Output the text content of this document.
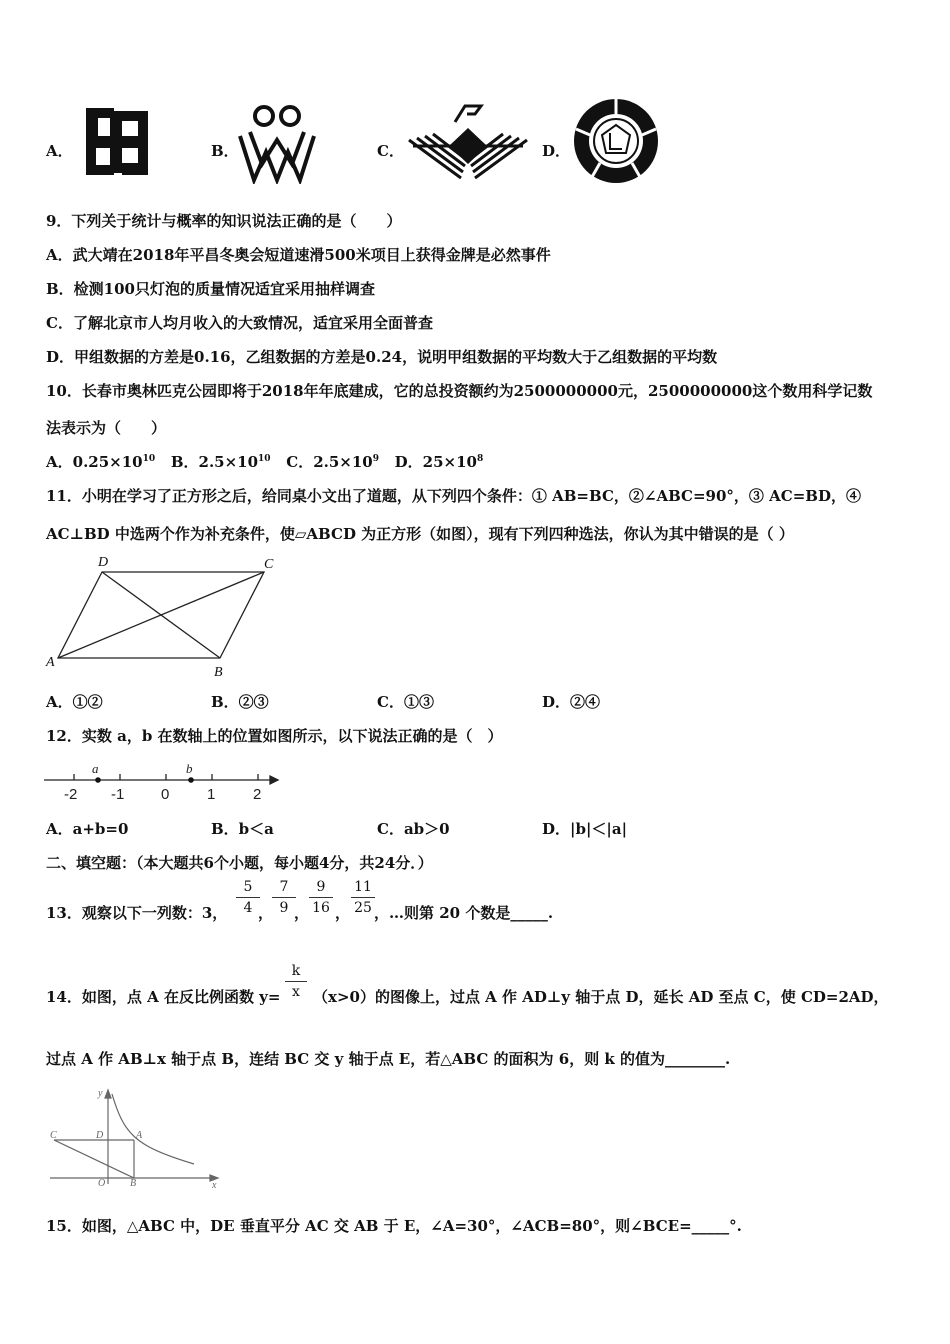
A．	B．	C．	D．
9．下列关于统计与概率的知识说法正确的是（　　）
A．武大靖在2018年平昌冬奥会短道速滑500米项目上获得金牌是必然事件
B．检测100只灯泡的质量情况适宜采用抽样调查
C．了解北京市人均月收入的大致情况，适宜采用全面普查
D．甲组数据的方差是0.16，乙组数据的方差是0.24，说明甲组数据的平均数大于乙组数据的平均数
10．长春市奥林匹克公园即将于2018年年底建成，它的总投资额约为2500000000元，2500000000这个数用科学记数
法表示为（　　）
A．$0.25\times 10^{10}$ B．$2.5\times 10^{10}$ C．$2.5\times 10^9$ D．$25\times 10^8$
11．小明在学习了正方形之后，给同桌小文出了道题，从下列四个条件：① AB=BC，②∠ABC=90°，③ AC=BD，④
AC⊥BD 中选两个作为补充条件，使▱ABCD 为正方形（如图），现有下列四种选法，你认为其中错误的是（ ）
A
B
C
D
A．①②	B．②③	C．①③	D．②④
12．实数 a，b 在数轴上的位置如图所示，以下说法正确的是（　）
a	b
-2 -1 0	1	2
A．a+b=0	B．b＜a	C．ab＞0	D．|b|＜|a|
二、填空题：（本大题共6个小题，每小题4分，共24分．）
13．观察以下一列数：3， $\frac{5}{4}$
，
$\frac{7}{9}$
， $\frac{9}{16}$ ， $\frac{11}{25}$ ，…则第 20 个数是_____.
14．如图，点 A 在反比例函数 $y= \frac{k}{x} (x>0)$的图像上，过点 A 作 AD⊥y 轴于点 D，延长 AD 至点 C，使 CD=2AD，
过点 A 作 AB⊥x 轴于点 B，连结 BC 交 y 轴于点 E，若△ABC 的面积为 6，则 k 的值为________.
y
x
C	D	A
O B
15．如图，△ABC 中，DE 垂直平分 AC 交 AB 于 E，∠A=30°，∠ACB=80°，则∠BCE=_____°.
